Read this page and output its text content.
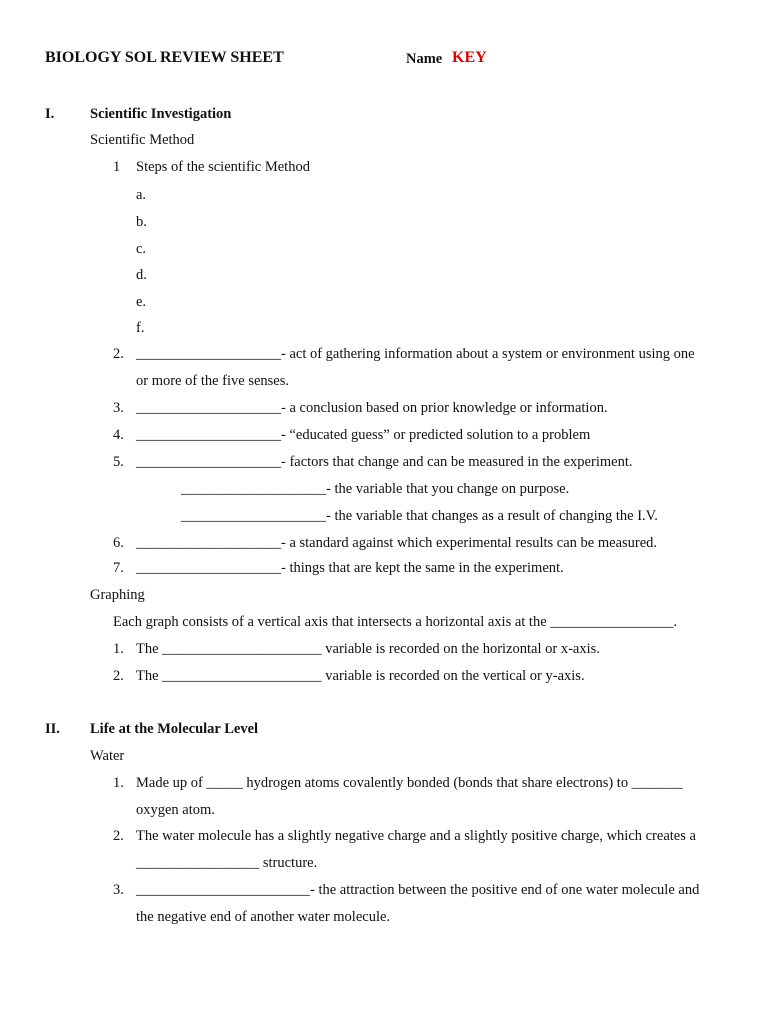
BIOLOGY SOL REVIEW SHEET	Name KEY
I. Scientific Investigation
Scientific Method
1 Steps of the scientific Method
a.
b.
c.
d.
e.
f.
2. ____________________- act of gathering information about a system or environment using one
or more of the five senses.
3. ____________________- a conclusion based on prior knowledge or information.
4. ____________________- “educated guess” or predicted solution to a problem
5. ____________________- factors that change and can be measured in the experiment.
____________________- the variable that you change on purpose.
____________________- the variable that changes as a result of changing the I.V.
6. ____________________- a standard against which experimental results can be measured.
7. ____________________- things that are kept the same in the experiment.
Graphing
Each graph consists of a vertical axis that intersects a horizontal axis at the _________________.
1. The ______________________ variable is recorded on the horizontal or x-axis.
2. The ______________________ variable is recorded on the vertical or y-axis.
II. Life at the Molecular Level
Water
1. Made up of _____ hydrogen atoms covalently bonded (bonds that share electrons) to _______
oxygen atom.
2. The water molecule has a slightly negative charge and a slightly positive charge, which creates a
_________________ structure.
3. ________________________- the attraction between the positive end of one water molecule and
the negative end of another water molecule.
